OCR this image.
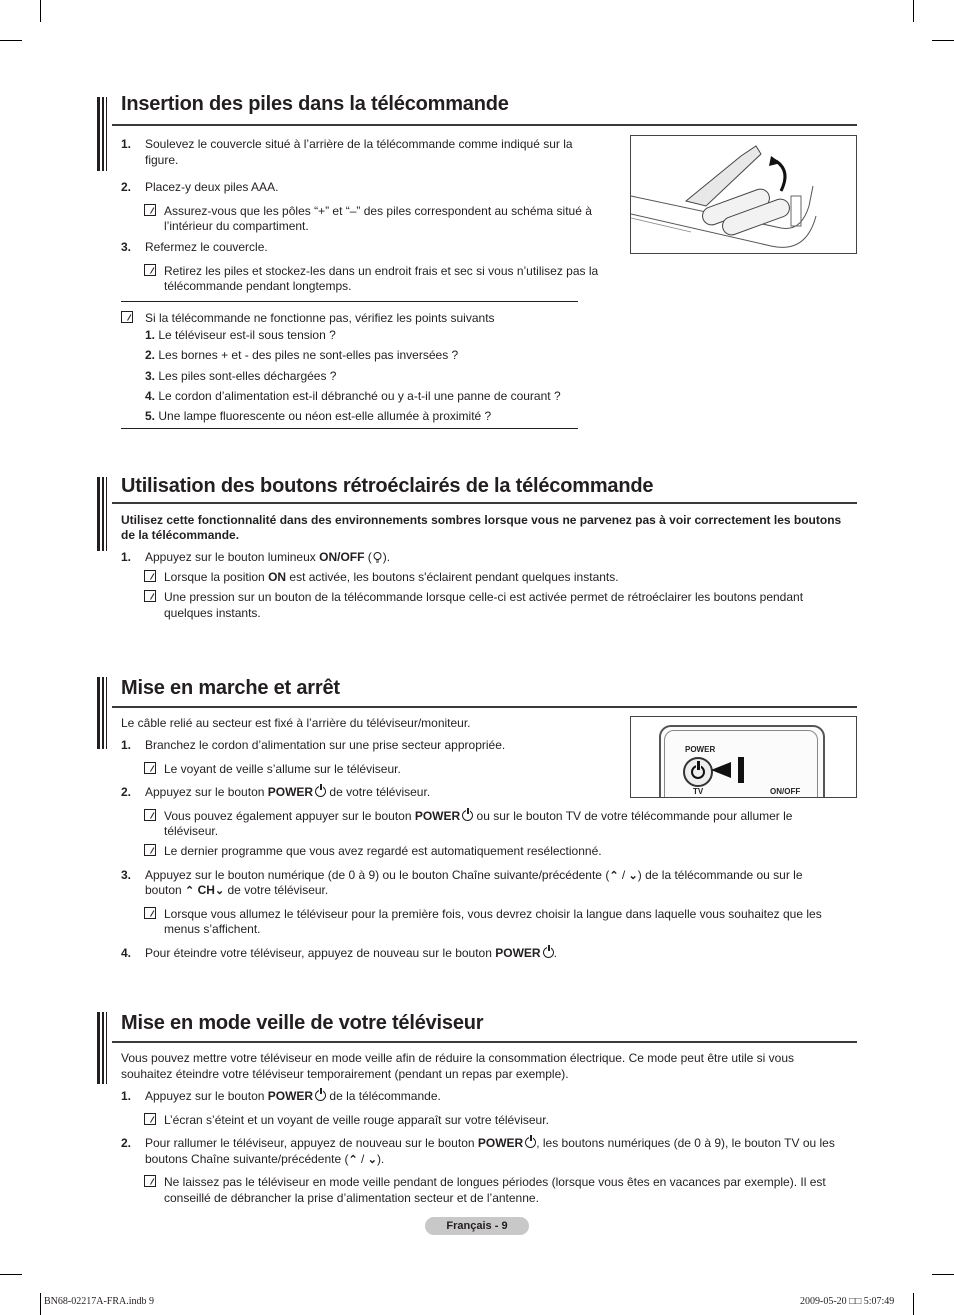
Insertion des piles dans la télécommande
1. Soulevez le couvercle situé à l’arrière de la télécommande comme indiqué sur la
figure.
2. Placez-y deux piles AAA.
Assurez-vous que les pôles “+” et “–” des piles correspondent au schéma situé à
l’intérieur du compartiment.
3. Refermez le couvercle.
Retirez les piles et stockez-les dans un endroit frais et sec si vous n’utilisez pas la
télécommande pendant longtemps.
Si la télécommande ne fonctionne pas, vérifiez les points suivants
1. Le téléviseur est-il sous tension ?
2. Les bornes + et - des piles ne sont-elles pas inversées ?
3. Les piles sont-elles déchargées ?
4. Le cordon d’alimentation est-il débranché ou y a-t-il une panne de courant ?
5. Une lampe fluorescente ou néon est-elle allumée à proximité ?
Utilisation des boutons rétroéclairés de la télécommande
Utilisez cette fonctionnalité dans des environnements sombres lorsque vous ne parvenez pas à voir correctement les boutons
de la télécommande.
1. Appuyez sur le bouton lumineux ON/OFF ( ).
Lorsque la position ON est activée, les boutons s'éclairent pendant quelques instants.
Une pression sur un bouton de la télécommande lorsque celle-ci est activée permet de rétroéclairer les boutons pendant
quelques instants.
Mise en marche et arrêt
Le câble relié au secteur est fixé à l’arrière du téléviseur/moniteur.
1. Branchez le cordon d’alimentation sur une prise secteur appropriée.
Le voyant de veille s’allume sur le téléviseur.
2. Appuyez sur le bouton POWER de votre téléviseur.
Vous pouvez également appuyer sur le bouton POWER ou sur le bouton TV de votre télécommande pour allumer le
téléviseur.
Le dernier programme que vous avez regardé est automatiquement resélectionné.
3. Appuyez sur le bouton numérique (de 0 à 9) ou le bouton Chaîne suivante/précédente (⌃ / ⌄) de la télécommande ou sur le
bouton ⌃ CH⌄ de votre téléviseur.
Lorsque vous allumez le téléviseur pour la première fois, vous devrez choisir la langue dans laquelle vous souhaitez que les
menus s’affichent.
4. Pour éteindre votre téléviseur, appuyez de nouveau sur le bouton POWER .
POWER
TV	ON/OFF
Mise en mode veille de votre téléviseur
Vous pouvez mettre votre téléviseur en mode veille afin de réduire la consommation électrique. Ce mode peut être utile si vous
souhaitez éteindre votre téléviseur temporairement (pendant un repas par exemple).
1. Appuyez sur le bouton POWER de la télécommande.
L’écran s’éteint et un voyant de veille rouge apparaît sur votre téléviseur.
2. Pour rallumer le téléviseur, appuyez de nouveau sur le bouton POWER , les boutons numériques (de 0 à 9), le bouton TV ou les
boutons Chaîne suivante/précédente (⌃ / ⌄).
Ne laissez pas le téléviseur en mode veille pendant de longues périodes (lorsque vous êtes en vacances par exemple). Il est
conseillé de débrancher la prise d’alimentation secteur et de l’antenne.
Français - 9
BN68-02217A-FRA.indb 9	2009-05-20 □□ 5:07:49
